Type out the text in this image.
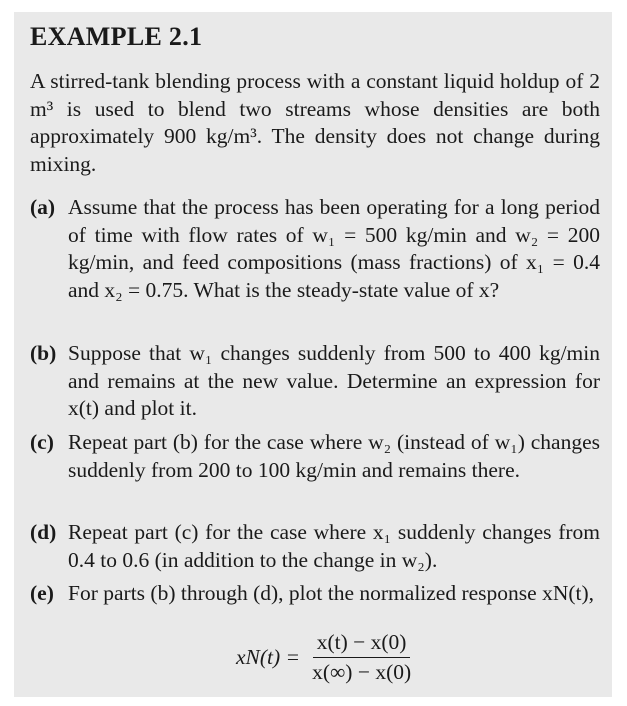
EXAMPLE 2.1
A stirred-tank blending process with a constant liquid holdup of 2 m³ is used to blend two streams whose densities are both approximately 900 kg/m³. The density does not change during mixing.
(a) Assume that the process has been operating for a long period of time with flow rates of w₁ = 500 kg/min and w₂ = 200 kg/min, and feed compositions (mass fractions) of x₁ = 0.4 and x₂ = 0.75. What is the steady-state value of x?
(b) Suppose that w₁ changes suddenly from 500 to 400 kg/min and remains at the new value. Determine an expression for x(t) and plot it.
(c) Repeat part (b) for the case where w₂ (instead of w₁) changes suddenly from 200 to 100 kg/min and remains there.
(d) Repeat part (c) for the case where x₁ suddenly changes from 0.4 to 0.6 (in addition to the change in w₂).
(e) For parts (b) through (d), plot the normalized response xN(t),
$xN(t) = \frac{x(t) - x(0)}{x(\infty) - x(0)}$
